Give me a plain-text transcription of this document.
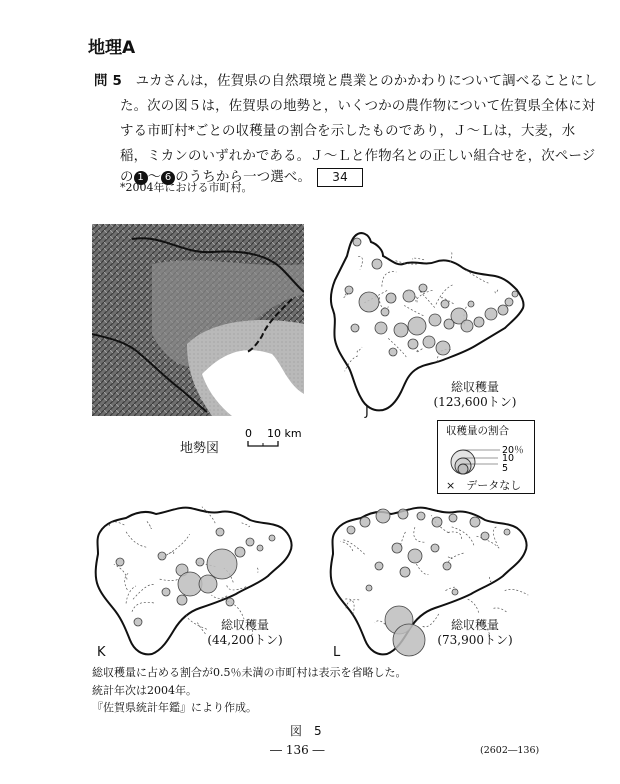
地理A
問 5　 ユカさんは，佐賀県の自然環境と農業とのかかわりについて調べることにし
た。次の図５は，佐賀県の地勢と，いくつかの農作物について佐賀県全体に対
する市町村*ごとの収穫量の割合を示したものであり，Ｊ～Ｌは，大麦，水
稲，ミカンのいずれかである。Ｊ～Ｌと作物名との正しい組合せを，次ページ
の 1 ～ 6 のうちから一つ選べ。 34
*2004年における市町村。
地勢図
0 10 km
J
総収穫量
(123,600トン)
収穫量の割合
20％
10
5
×　データなし
K
総収穫量
(44,200トン)
L
総収穫量
(73,900トン)
総収穫量に占める割合が0.5％未満の市町村は表示を省略した。
統計年次は2004年。
『佐賀県統計年鑑』により作成。
図　5
― 136 ―	(2602―136)
